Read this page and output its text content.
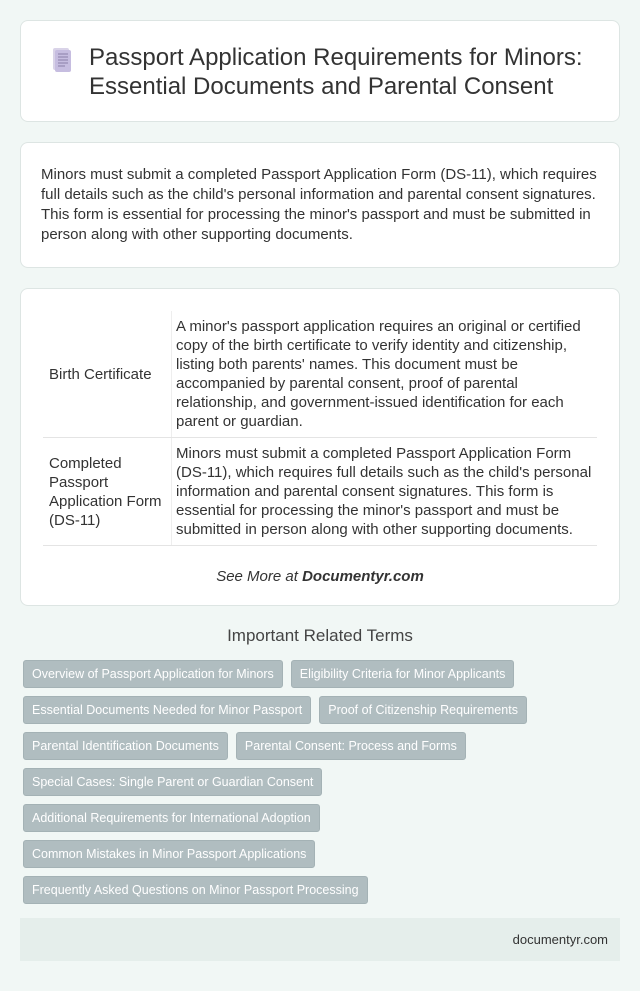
Passport Application Requirements for Minors: Essential Documents and Parental Consent
Minors must submit a completed Passport Application Form (DS-11), which requires full details such as the child's personal information and parental consent signatures. This form is essential for processing the minor's passport and must be submitted in person along with other supporting documents.
Birth Certificate	A minor's passport application requires an original or certified copy of the birth certificate to verify identity and citizenship, listing both parents' names. This document must be accompanied by parental consent, proof of parental relationship, and government-issued identification for each parent or guardian.
Completed Passport Application Form (DS-11)	Minors must submit a completed Passport Application Form (DS-11), which requires full details such as the child's personal information and parental consent signatures. This form is essential for processing the minor's passport and must be submitted in person along with other supporting documents.
See More at Documentyr.com
Important Related Terms
Overview of Passport Application for Minors	Eligibility Criteria for Minor Applicants
Essential Documents Needed for Minor Passport	Proof of Citizenship Requirements
Parental Identification Documents	Parental Consent: Process and Forms
Special Cases: Single Parent or Guardian Consent
Additional Requirements for International Adoption
Common Mistakes in Minor Passport Applications
Frequently Asked Questions on Minor Passport Processing
documentyr.com
